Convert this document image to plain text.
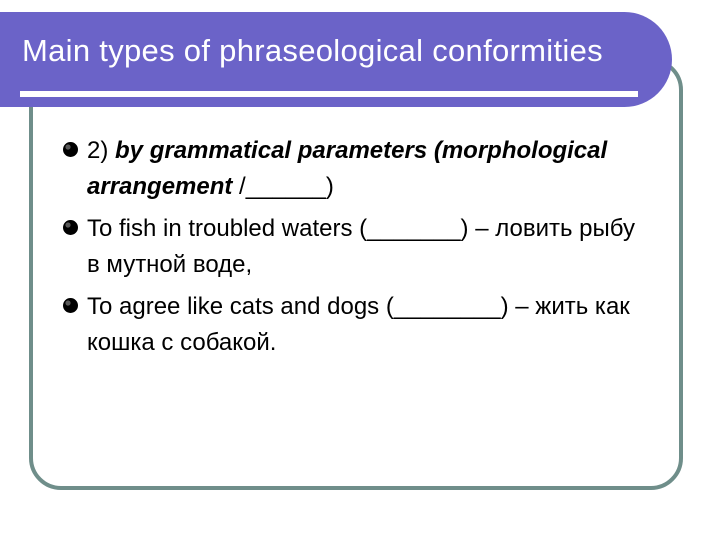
Main types of phraseological conformities
2) by grammatical parameters (morphological arrangement /______)
To fish in troubled waters (_______) – ловить рыбу в мутной воде,
To agree like cats and dogs (________) – жить как кошка с собакой.
